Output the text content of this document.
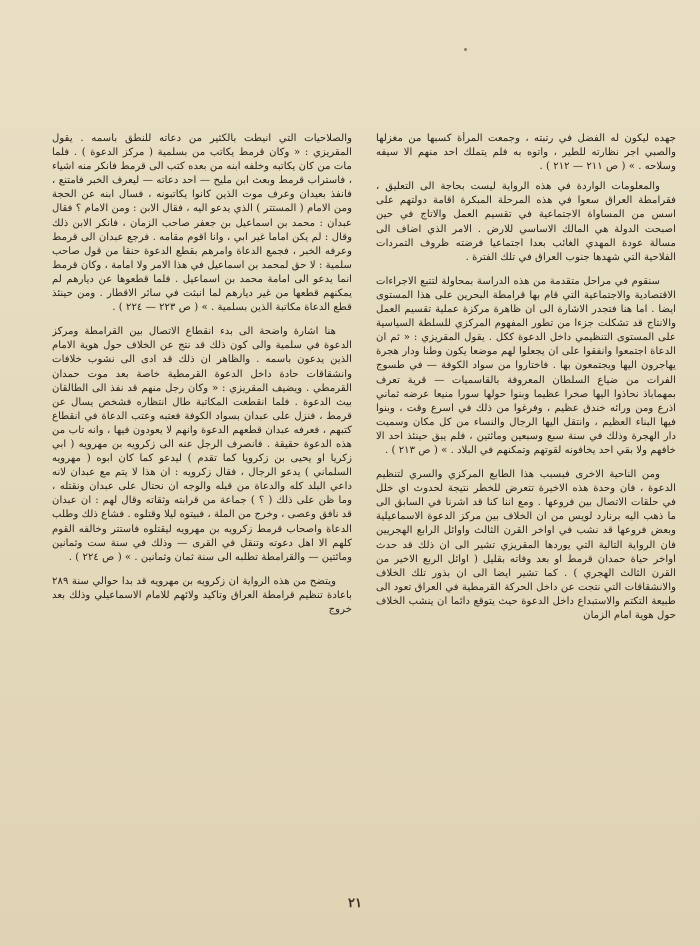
جهده ليكون له الفضل في رتبته ، وجمعت المرأة كسبها من مغزلها والصبي اجر نظارته للطير ، واتوه به فلم يتملك احد منهم الا سيفه وسلاحه . » ( ص ٢١١ — ٢١٢ ) .

والمعلومات الواردة في هذه الرواية ليست بحاجة الى التعليق ، فقرامطة العراق سعوا في هذه المرحلة المبكرة اقامة دولتهم على اسس من المساواة الاجتماعية في تقسيم العمل والاتاج في حين اصبحت الدولة هي المالك الاساسي للارض . الامر الذي اضاف الى مسالة عودة المهدي الغائب بعدا اجتماعيا فرضته ظروف التمردات الفلاحية التي شهدها جنوب العراق في تلك الفترة .

سنقوم في مراحل متقدمة من هذه الدراسة بمحاولة لتتبع الاجراءات الاقتصادية والاجتماعية التي قام بها قرامطة البحرين على هذا المستوى ايضا . اما هنا فتجدر الاشارة الى ان ظاهرة مركزة عملية تقسيم العمل والانتاج قد تشكلت جزءا من تطور المفهوم المركزي للسلطة السياسية على المستوى التنظيمي داخل الدعوة ككل . يقول المقريزي : « ثم ان الدعاة اجتمعوا وانفقوا على ان يجعلوا لهم موضعا يكون وطنا ودار هجرة يهاجرون اليها ويجتمعون بها . فاختاروا من سواد الكوفة — في طسوج الفرات من ضياع السلطان المعروفة بالقاسميات — قرية تعرف بمهماباذ نحاذوا اليها صخرا عظيما وبنوا حولها سورا منيعا عرضه ثماني اذرع ومن ورائه خندق عظيم ، وفرغوا من ذلك في اسرع وقت ، وبنوا فيها البناء العظيم ، وانتقل اليها الرجال والنساء من كل مكان وسميت دار الهجرة وذلك في سنة سبع وسبعين ومائتين ، فلم يبق حينئذ احد الا خافهم ولا بقي احد يخافونه لقوتهم وتمكنهم في البلاد . » ( ص ٢١٣ ) .

ومن الناحية الاخرى فبسبب هذا الطابع المركزي والسري لتنظيم الدعوة ، فان وحدة هذه الاخيرة تتعرض للخطر نتيجة لحدوث اي خلل في حلقات الاتصال بين فروعها . ومع اننا كنا قد اشرنا في السابق الى ما ذهب اليه برنارد لويس من ان الخلاف بين مركز الدعوة الاسماعيلية وبعض فروعها قد نشب في اواخر القرن الثالث واوائل الرابع الهجريين فان الرواية التالية التي يوردها المقريزي تشير الى ان ذلك قد حدث اواخر حياة حمدان قرمط او بعد وفاته بقليل ( اوائل الربع الاخير من القرن الثالث الهجري ) . كما تشير ايضا الى ان بذور تلك الخلاف والانشقاقات التي نتجت عن داخل الحركة القرمطية في العراق تعود الى طبيعة التكتم والاستبداع داخل الدعوة حيث يتوقع دائما ان ينشب الخلاف حول هوية امام الزمان

والصلاحيات التي انيطت بالكثير من دعاته للنطق باسمه . يقول المقريزي : « وكان قرمط يكاتب من بسلمية ( مركز الدعوة ) . فلما مات من كان يكاتبه وخلفه ابنه من بعده كتب الى قرمط فانكر منه اشياء ، فاستراب قرمط وبعث ابن مليح — احد دعاته — ليعرف الخبر فامتنع ، فانفذ بعيدان وعرف موت الذين كانوا يكاتبونه ، فسال ابنه عن الحجة ومن الامام ( المستتر ) الذي يدعو اليه ، فقال الابن : ومن الامام ؟ فقال عبدان : محمد بن اسماعيل بن جعفر صاحب الزمان ، فانكر الابن ذلك وقال : لم يكن اماما غير ابي ، وانا اقوم مقامه . فرجع عبدان الى قرمط وعرفه الخبر ، فجمع الدعاة وامرهم بقطع الدعوة حنقا من قول صاحب سلمية : لا حق لمحمد بن اسماعيل في هذا الامر ولا امامة ، وكان قرمط انما يدعو الى امامة محمد بن اسماعيل . فلما قطعوها عن ديارهم لم يمكنهم قطعها من غير ديارهم لما انبثت في سائر الاقطار . ومن حينئذ قطع الدعاة مكاتبة الذين بسلمية . » ( ص ٢٢٣ — ٢٢٤ ) .

هنا اشارة واضحة الى بدء انقطاع الاتصال بين القرامطة ومركز الدعوة في سلمية والى كون ذلك قد نتج عن الخلاف حول هوية الامام الذين يدعون باسمه . والظاهر ان ذلك قد ادى الى نشوب خلافات وانشقاقات حادة داخل الدعوة القرمطية خاصة بعد موت حمدان القرمطي . ويضيف المقريزي : « وكان رجل منهم قد نفذ الى الطالقان بيث الدعوة . فلما انقطعت المكاتبة طال انتظاره فشخص يسال عن قرمط ، فنزل على عبدان بسواد الكوفة فعتبه وعتب الدعاة في انقطاع كتبهم ، فعرفه عبدان قطعهم الدعوة وانهم لا يعودون فيها ، وانه تاب من هذه الدعوة حقيقة . فانصرف الرجل عنه الى زكرويه بن مهرويه ( ابي زكريا او يحيى بن زكرويا كما تقدم ) ليدعو كما كان ابوه ( مهرويه السلماني ) يدعو الرجال ، فقال زكرويه : ان هذا لا يتم مع عبدان لانه داعي البلد كله والدعاة من قبله والوجه ان نحتال على عبدان ونقتله ، وما ظن على ذلك ( ؟ ) جماعة من قرابته وثقاته وقال لهم : ان عبدان قد نافق وعصى ، وخرج من الملة ، فبيتوه ليلا وقتلوه . فشاع ذلك وطلب الدعاة واصحاب قرمط زكرويه بن مهرويه ليقتلوه فاستتر وخالفه القوم كلهم الا اهل دعوته وتنقل في القرى — وذلك في سنة ست وثمانين ومائتين — والقرامطة تطلبه الى سنة ثمان وثمانين . » ( ص ٢٢٤ ) .

ويتضح من هذه الرواية ان زكرويه بن مهرويه قد بدا حوالي سنة ٢٨٩ باعادة تنظيم قرامطة العراق وتاكيد ولائهم للامام الاسماعيلي وذلك بعد خروج

٢١
